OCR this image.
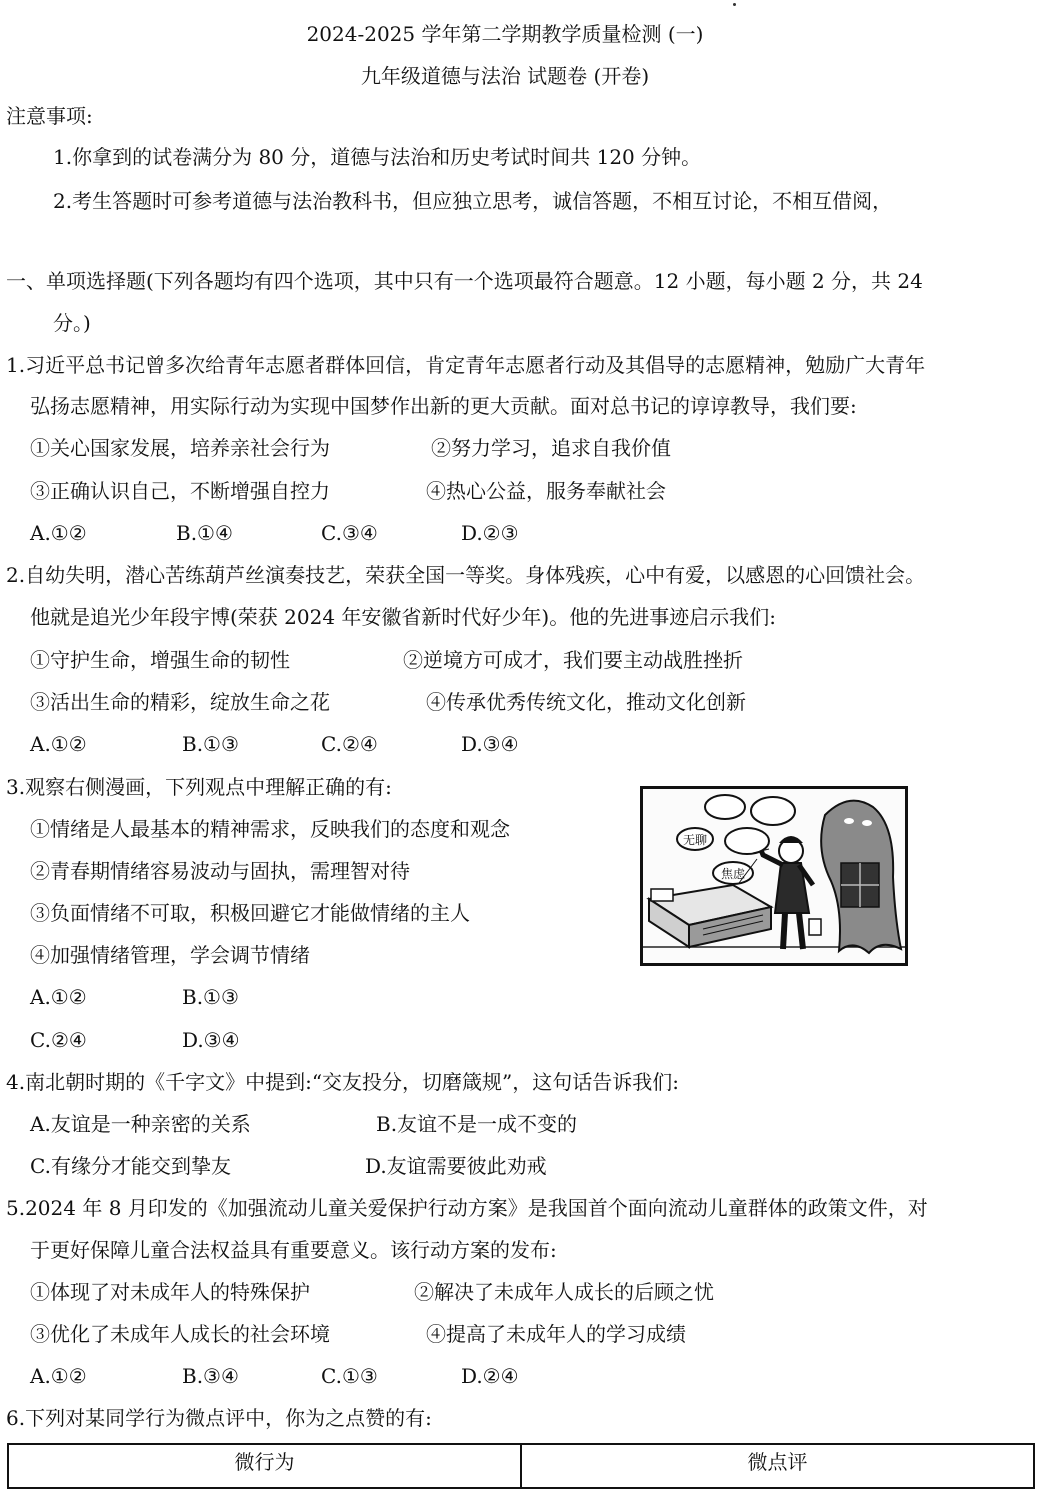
2024-2025 学年第二学期教学质量检测 (一)
九年级道德与法治 试题卷 (开卷)
注意事项:
1.你拿到的试卷满分为 80 分，道德与法治和历史考试时间共 120 分钟。
2.考生答题时可参考道德与法治教科书，但应独立思考，诚信答题，不相互讨论，不相互借阅，
一、单项选择题(下列各题均有四个选项，其中只有一个选项最符合题意。12 小题，每小题 2 分，共 24
分。)
1.习近平总书记曾多次给青年志愿者群体回信，肯定青年志愿者行动及其倡导的志愿精神，勉励广大青年
弘扬志愿精神，用实际行动为实现中国梦作出新的更大贡献。面对总书记的谆谆教导，我们要:
①关心国家发展，培养亲社会行为	②努力学习，追求自我价值
③正确认识自己，不断增强自控力	④热心公益，服务奉献社会
A.①②	B.①④	C.③④	D.②③
2.自幼失明，潜心苦练葫芦丝演奏技艺，荣获全国一等奖。身体残疾，心中有爱，以感恩的心回馈社会。
他就是追光少年段宇博(荣获 2024 年安徽省新时代好少年)。他的先进事迹启示我们:
①守护生命，增强生命的韧性	②逆境方可成才，我们要主动战胜挫折
③活出生命的精彩，绽放生命之花	④传承优秀传统文化，推动文化创新
A.①②	B.①③	C.②④	D.③④
3.观察右侧漫画，下列观点中理解正确的有:
①情绪是人最基本的精神需求，反映我们的态度和观念
②青春期情绪容易波动与固执，需理智对待
③负面情绪不可取，积极回避它才能做情绪的主人
④加强情绪管理，学会调节情绪
A.①②	B.①③
C.②④	D.③④
无聊
焦虑
4.南北朝时期的《千字文》中提到:“交友投分，切磨箴规”，这句话告诉我们:
A.友谊是一种亲密的关系	B.友谊不是一成不变的
C.有缘分才能交到挚友	D.友谊需要彼此劝戒
5.2024 年 8 月印发的《加强流动儿童关爱保护行动方案》是我国首个面向流动儿童群体的政策文件，对
于更好保障儿童合法权益具有重要意义。该行动方案的发布:
①体现了对未成年人的特殊保护	②解决了未成年人成长的后顾之忧
③优化了未成年人成长的社会环境	④提高了未成年人的学习成绩
A.①②	B.③④	C.①③	D.②④
6.下列对某同学行为微点评中，你为之点赞的有:
微行为	微点评
